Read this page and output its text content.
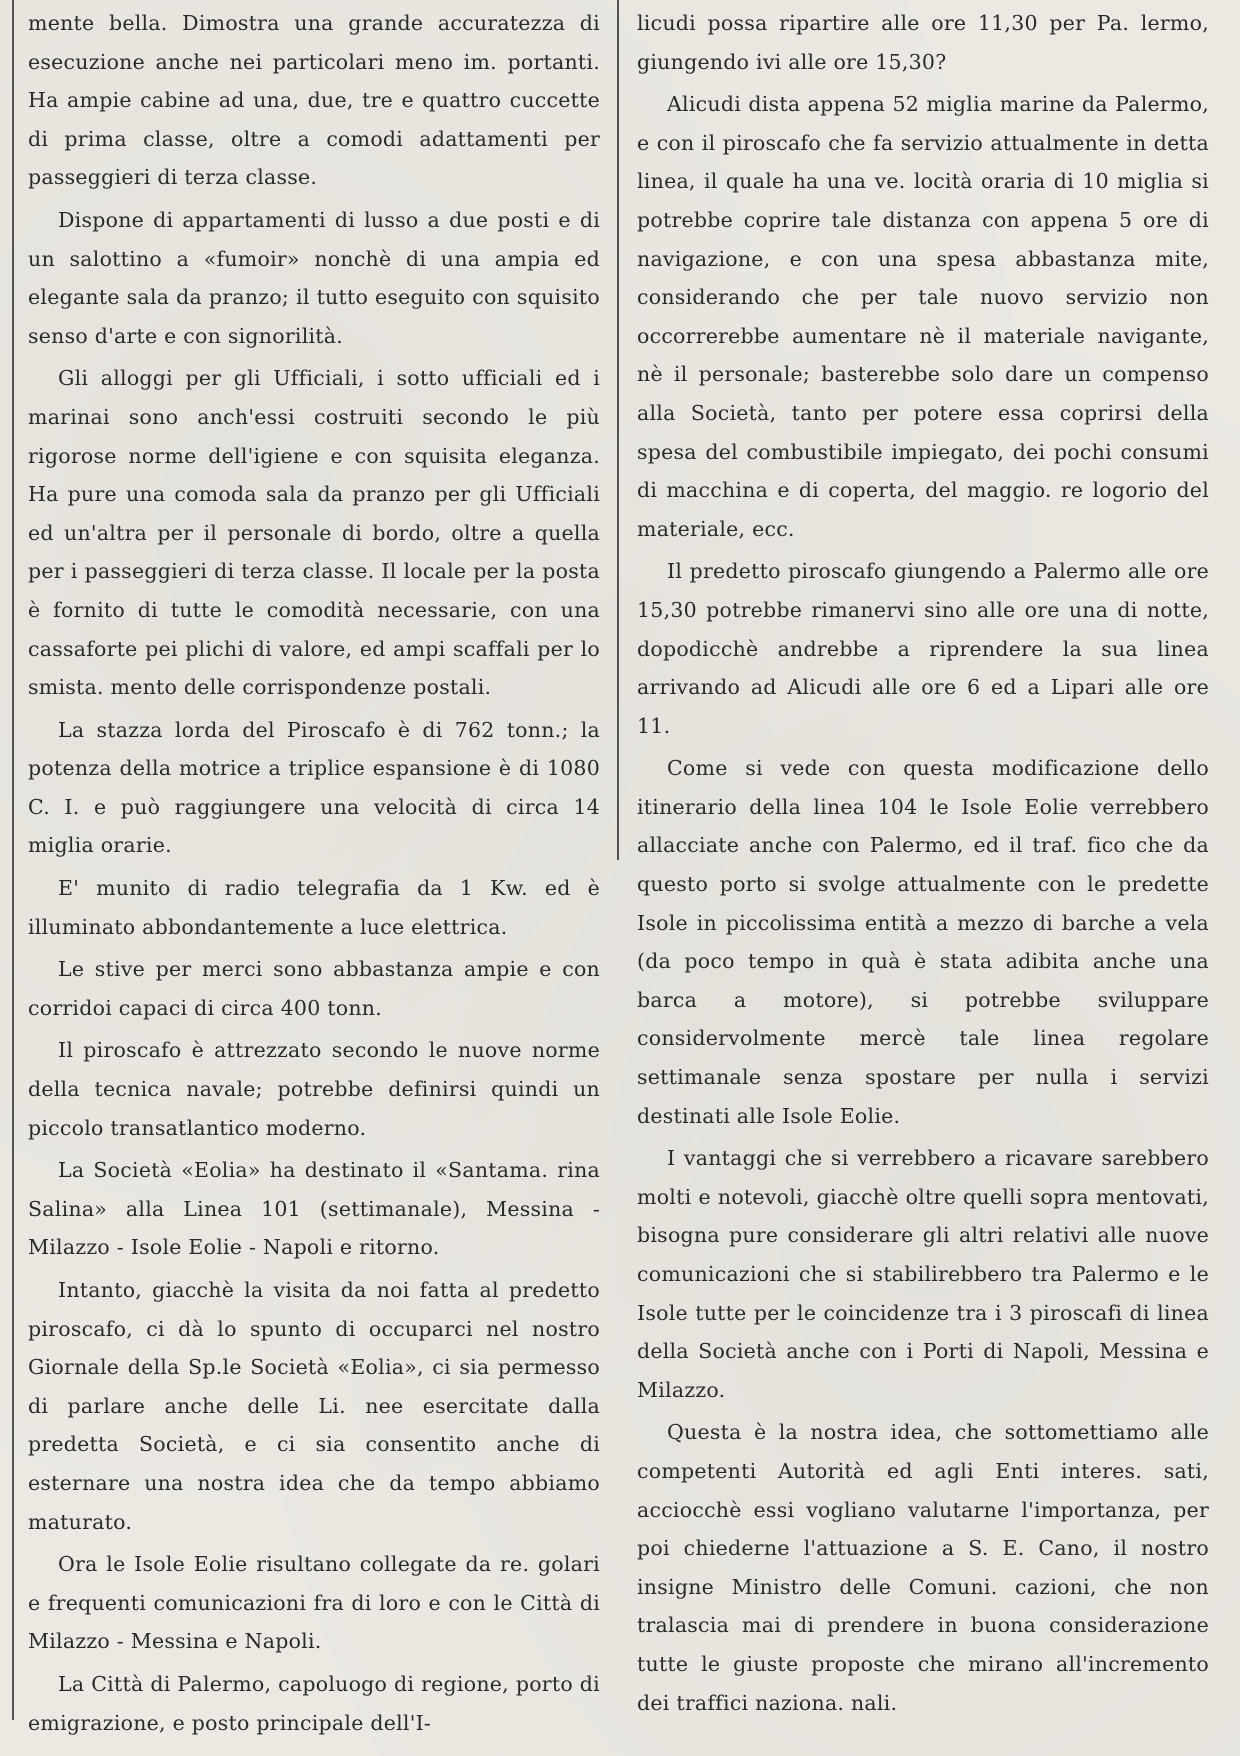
mente bella. Dimostra una grande accuratezza di esecuzione anche nei particolari meno im. portanti. Ha ampie cabine ad una, due, tre e quattro cuccette di prima classe, oltre a comodi adattamenti per passeggieri di terza classe.

Dispone di appartamenti di lusso a due posti e di un salottino a «fumoir» nonchè di una ampia ed elegante sala da pranzo; il tutto eseguito con squisito senso d'arte e con signorilità.

Gli alloggi per gli Ufficiali, i sotto ufficiali ed i marinai sono anch'essi costruiti secondo le più rigorose norme dell'igiene e con squisita eleganza. Ha pure una comoda sala da pranzo per gli Ufficiali ed un'altra per il personale di bordo, oltre a quella per i passeggieri di terza classe. Il locale per la posta è fornito di tutte le comodità necessarie, con una cassaforte pei plichi di valore, ed ampi scaffali per lo smista. mento delle corrispondenze postali.

La stazza lorda del Piroscafo è di 762 tonn.; la potenza della motrice a triplice espansione è di 1080 C. I. e può raggiungere una velocità di circa 14 miglia orarie.

E' munito di radio telegrafia da 1 Kw. ed è illuminato abbondantemente a luce elettrica.

Le stive per merci sono abbastanza ampie e con corridoi capaci di circa 400 tonn.

Il piroscafo è attrezzato secondo le nuove norme della tecnica navale; potrebbe definirsi quindi un piccolo transatlantico moderno.

La Società «Eolia» ha destinato il «Santama. rina Salina» alla Linea 101 (settimanale), Messina - Milazzo - Isole Eolie - Napoli e ritorno.

Intanto, giacchè la visita da noi fatta al predetto piroscafo, ci dà lo spunto di occuparci nel nostro Giornale della Sp.le Società «Eolia», ci sia permesso di parlare anche delle Li. nee esercitate dalla predetta Società, e ci sia consentito anche di esternare una nostra idea che da tempo abbiamo maturato.

Ora le Isole Eolie risultano collegate da re. golari e frequenti comunicazioni fra di loro e con le Città di Milazzo - Messina e Napoli.

La Città di Palermo, capoluogo di regione, porto di emigrazione, e posto principale dell'I-

licudi possa ripartire alle ore 11,30 per Pa. lermo, giungendo ivi alle ore 15,30?

Alicudi dista appena 52 miglia marine da Palermo, e con il piroscafo che fa servizio attualmente in detta linea, il quale ha una ve. locità oraria di 10 miglia si potrebbe coprire tale distanza con appena 5 ore di navigazione, e con una spesa abbastanza mite, considerando che per tale nuovo servizio non occorrerebbe aumentare nè il materiale navigante, nè il personale; basterebbe solo dare un compenso alla Società, tanto per potere essa coprirsi della spesa del combustibile impiegato, dei pochi consumi di macchina e di coperta, del maggio. re logorio del materiale, ecc.

Il predetto piroscafo giungendo a Palermo alle ore 15,30 potrebbe rimanervi sino alle ore una di notte, dopodicchè andrebbe a riprendere la sua linea arrivando ad Alicudi alle ore 6 ed a Lipari alle ore 11.

Come si vede con questa modificazione dello itinerario della linea 104 le Isole Eolie verrebbero allacciate anche con Palermo, ed il traf. fico che da questo porto si svolge attualmente con le predette Isole in piccolissima entità a mezzo di barche a vela (da poco tempo in quà è stata adibita anche una barca a motore), si potrebbe sviluppare considervolmente mercè tale linea regolare settimanale senza spostare per nulla i servizi destinati alle Isole Eolie.

I vantaggi che si verrebbero a ricavare sarebbero molti e notevoli, giacchè oltre quelli sopra mentovati, bisogna pure considerare gli altri relativi alle nuove comunicazioni che si stabilirebbero tra Palermo e le Isole tutte per le coincidenze tra i 3 piroscafi di linea della Società anche con i Porti di Napoli, Messina e Milazzo.

Questa è la nostra idea, che sottomettiamo alle competenti Autorità ed agli Enti interes. sati, acciocchè essi vogliano valutarne l'importanza, per poi chiederne l'attuazione a S. E. Cano, il nostro insigne Ministro delle Comuni. cazioni, che non tralascia mai di prendere in buona considerazione tutte le giuste proposte che mirano all'incremento dei traffici naziona. nali.
